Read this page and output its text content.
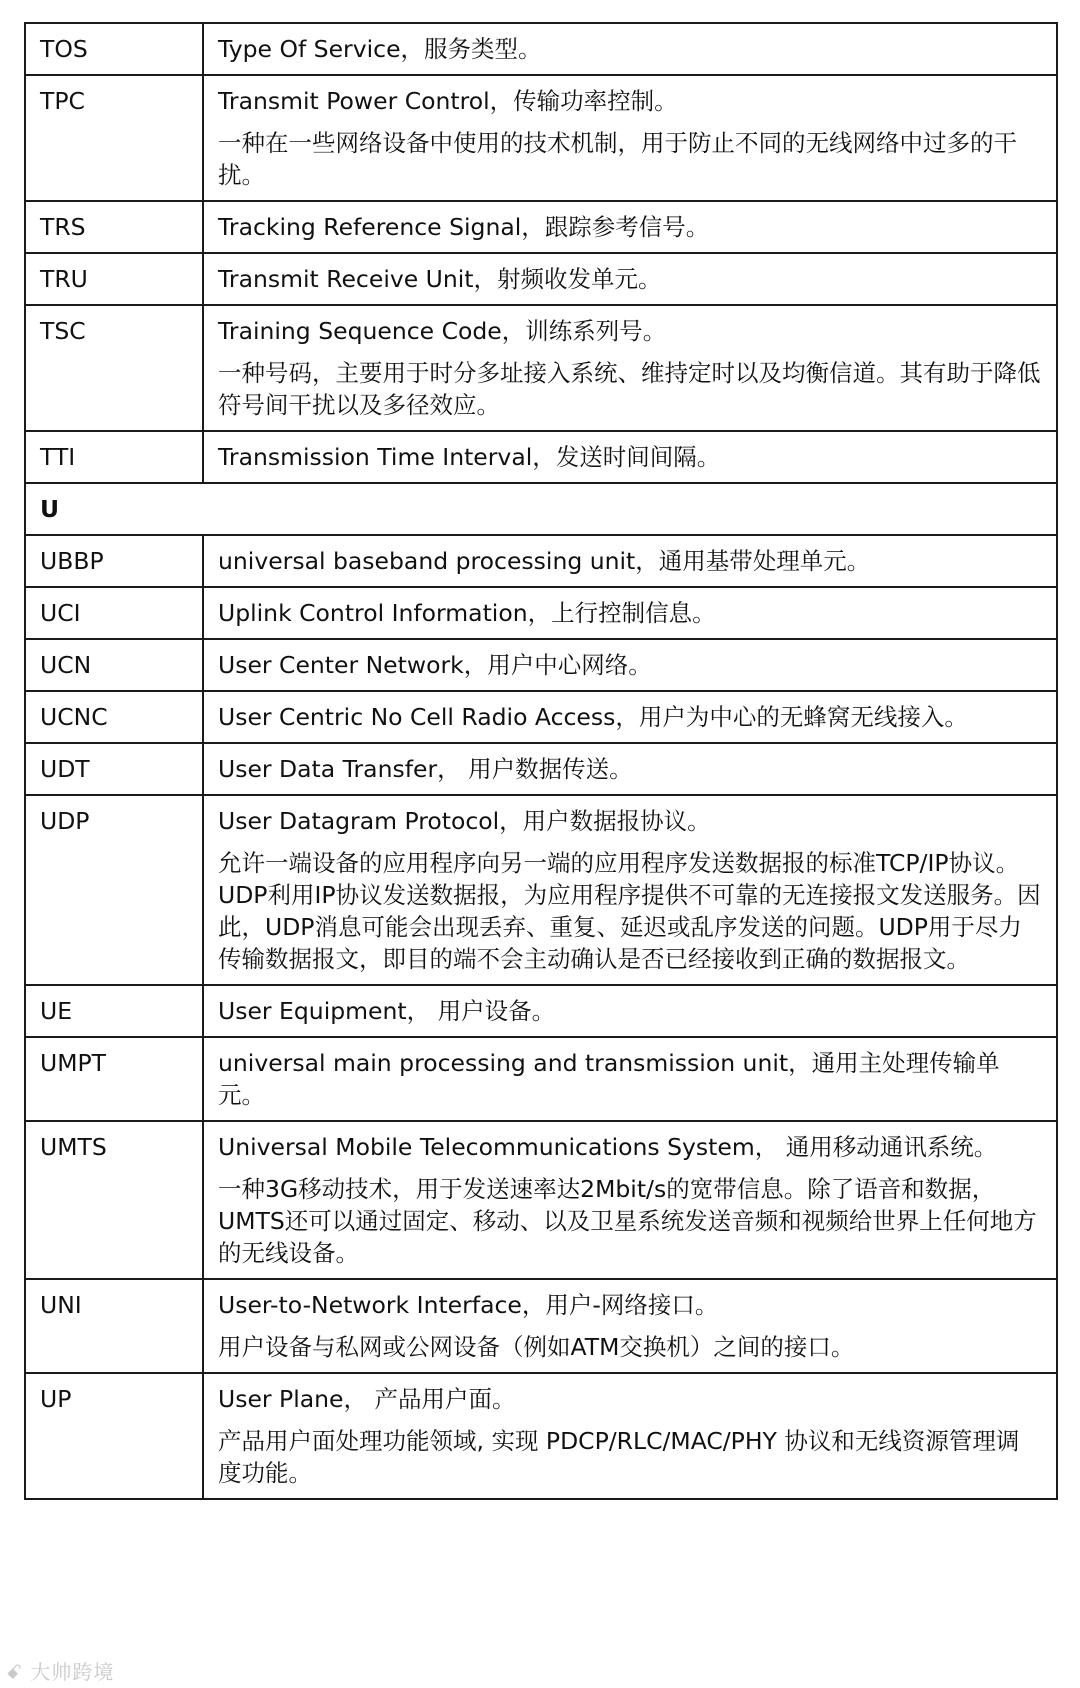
TOS	Type Of Service，服务类型。

TPC	Transmit Power Control，传输功率控制。

一种在一些网络设备中使用的技术机制，用于防止不同的无线网络中过多的干扰。

TRS	Tracking Reference Signal，跟踪参考信号。

TRU	Transmit Receive Unit，射频收发单元。

TSC	Training Sequence Code，训练系列号。

一种号码，主要用于时分多址接入系统、维持定时以及均衡信道。其有助于降低符号间干扰以及多径效应。

TTI	Transmission Time Interval，发送时间间隔。

U	
UBBP	universal baseband processing unit，通用基带处理单元。

UCI	Uplink Control Information，上行控制信息。

UCN	User Center Network，用户中心网络。

UCNC	User Centric No Cell Radio Access，用户为中心的无蜂窝无线接入。

UDT	User Data Transfer， 用户数据传送。

UDP	User Datagram Protocol，用户数据报协议。

允许一端设备的应用程序向另一端的应用程序发送数据报的标准TCP/IP协议。UDP利用IP协议发送数据报，为应用程序提供不可靠的无连接报文发送服务。因此，UDP消息可能会出现丢弃、重复、延迟或乱序发送的问题。UDP用于尽力传输数据报文，即目的端不会主动确认是否已经接收到正确的数据报文。

UE	User Equipment， 用户设备。

UMPT	universal main processing and transmission unit，通用主处理传输单元。

UMTS	Universal Mobile Telecommunications System， 通用移动通讯系统。

一种3G移动技术，用于发送速率达2Mbit/s的宽带信息。除了语音和数据，UMTS还可以通过固定、移动、以及卫星系统发送音频和视频给世界上任何地方的无线设备。

UNI	User-to-Network Interface，用户-网络接口。

用户设备与私网或公网设备（例如ATM交换机）之间的接口。

UP	User Plane， 产品用户面。

产品用户面处理功能领域, 实现 PDCP/RLC/MAC/PHY 协议和无线资源管理调度功能。

ꗃ 大帅跨境
